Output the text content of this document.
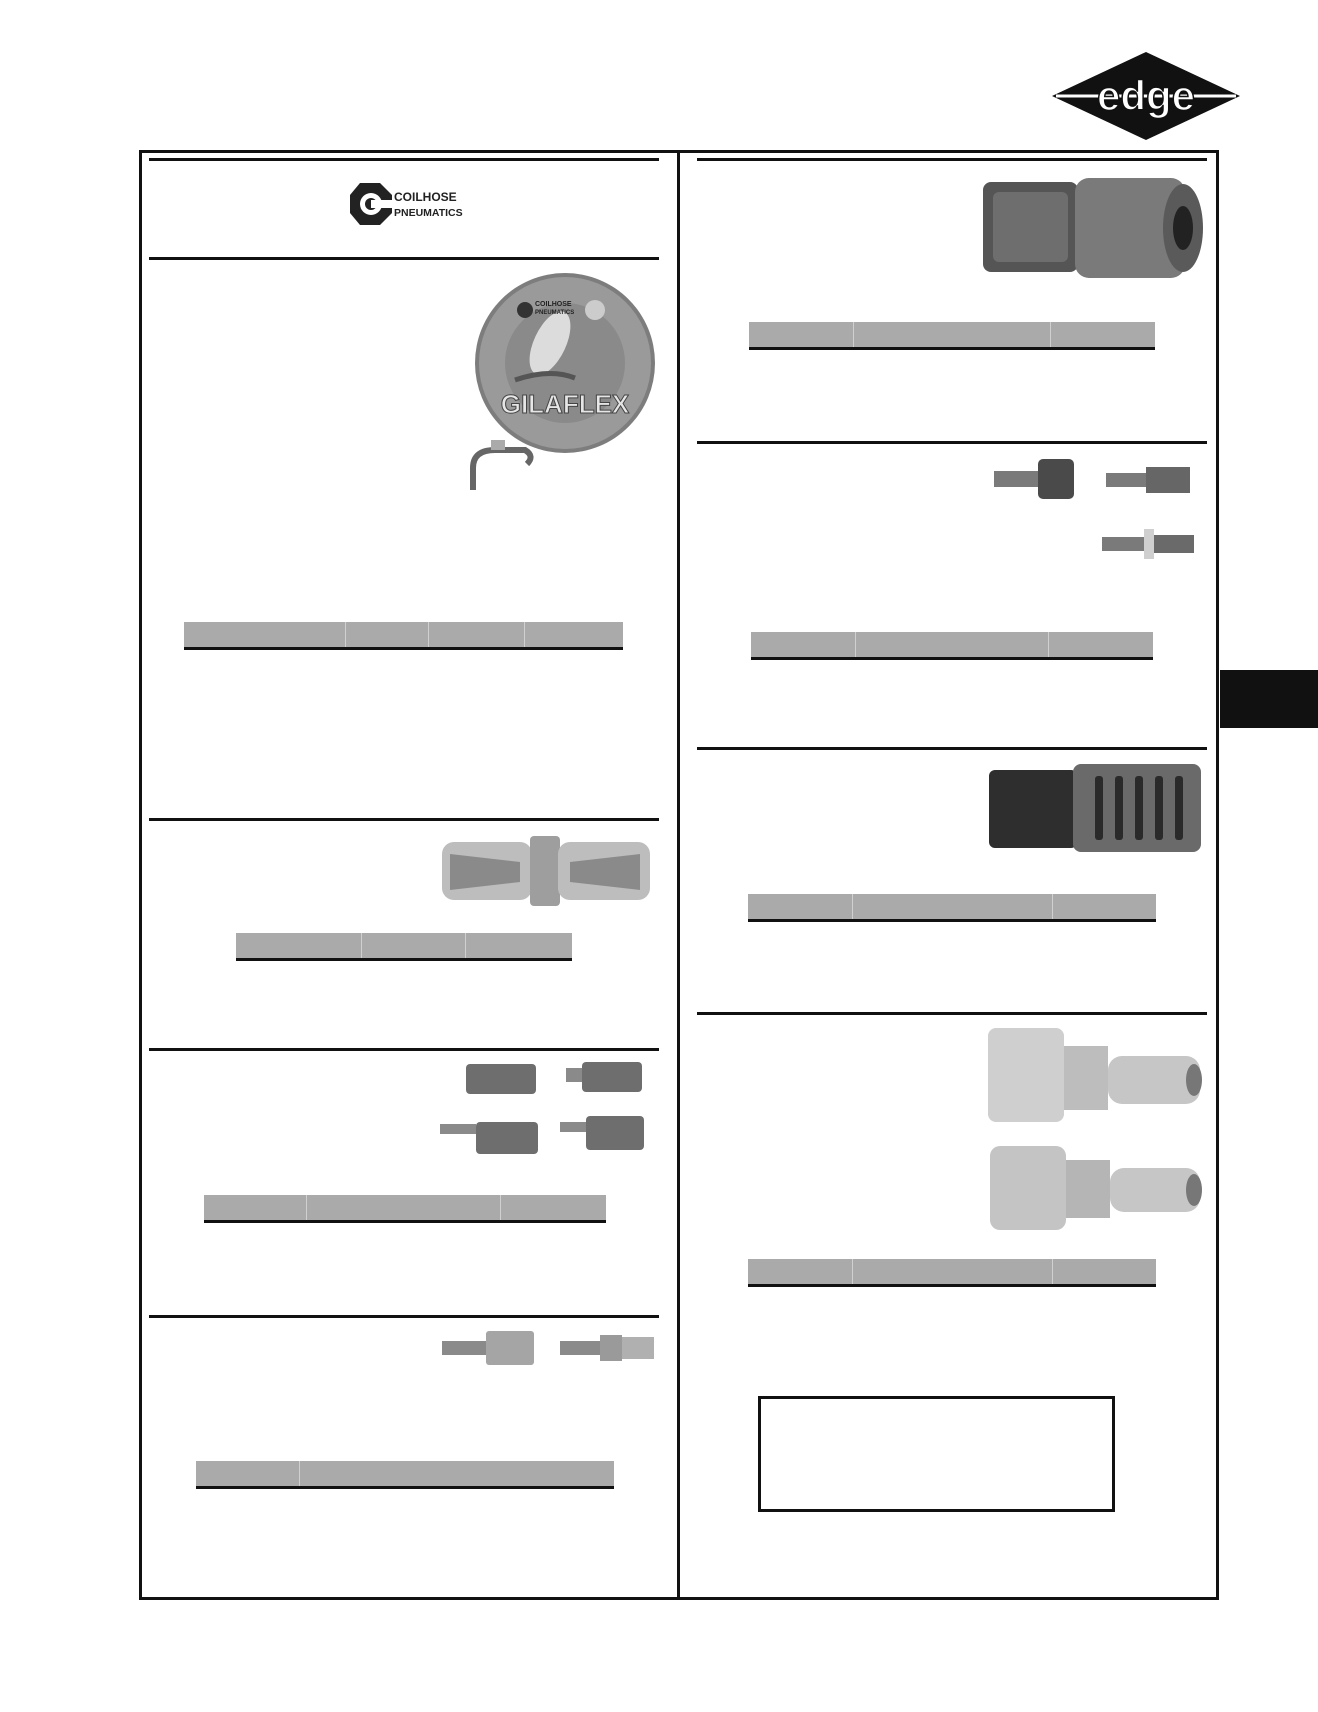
edge
COILHOSE
PNEUMATICS
COILHOSE
PNEUMATICS
GILAFLEX
